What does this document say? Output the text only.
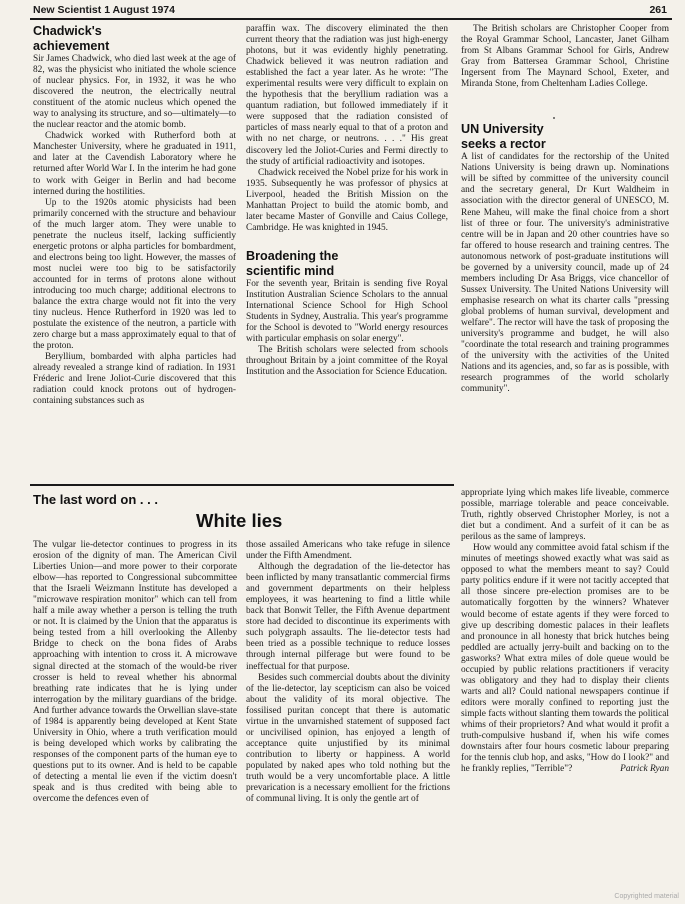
New Scientist 1 August 1974	261
Chadwick's
achievement

Sir James Chadwick, who died last week at the age of 82, was the physicist who initiated the whole science of nuclear physics. For, in 1932, it was he who discovered the neutron, the electrically neutral constituent of the atomic nucleus which opened the way to analysing its structure, and so—ultimately—to the nuclear reactor and the atomic bomb.

Chadwick worked with Rutherford both at Manchester University, where he graduated in 1911, and later at the Cavendish Laboratory where he returned after World War I. In the interim he had gone to work with Geiger in Berlin and had become interned during the hostilities.

Up to the 1920s atomic physicists had been primarily concerned with the structure and behaviour of the much larger atom. They were unable to penetrate the nucleus itself, lacking sufficiently energetic protons or alpha particles for bombardment, and electrons being too light. However, the masses of most nuclei were too big to be satisfactorily accounted for in terms of protons alone without introducing too much charge; additional electrons to balance the extra charge would not fit into the very tiny nucleus. Hence Rutherford in 1920 was led to postulate the existence of the neutron, a particle with zero charge but a mass approximately equal to that of the proton.

Beryllium, bombarded with alpha particles had already revealed a strange kind of radiation. In 1931 Fréderic and Irene Joliot-Curie discovered that this radiation could knock protons out of hydrogen-containing substances such as

paraffin wax. The discovery eliminated the then current theory that the radiation was just high-energy photons, but it was evidently highly penetrating. Chadwick believed it was neutron radiation and established the fact a year later. As he wrote: "The experimental results were very difficult to explain on the hypothesis that the beryllium radiation was a quantum radiation, but followed immediately if it were supposed that the radiation consisted of particles of mass nearly equal to that of a proton and with no net charge, or neutrons. . . ." His great discovery led the Joliot-Curies and Fermi directly to the study of artificial radioactivity and isotopes.

Chadwick received the Nobel prize for his work in 1935. Subsequently he was professor of physics at Liverpool, headed the British Mission on the Manhattan Project to build the atomic bomb, and later became Master of Gonville and Caius College, Cambridge. He was knighted in 1945.

Broadening the
scientific mind

For the seventh year, Britain is sending five Royal Institution Australian Science Scholars to the annual International Science School for High School Students in Sydney, Australia. This year's programme for the School is devoted to "World energy resources with particular emphasis on solar energy".

The British scholars were selected from schools throughout Britain by a joint committee of the Royal Institution and the Association for Science Education.

The British scholars are Christopher Cooper from the Royal Grammar School, Lancaster, Janet Gilham from St Albans Grammar School for Girls, Andrew Gray from Battersea Grammar School, Christine Ingersent from The Maynard School, Exeter, and Miranda Stone, from Cheltenham Ladies College.

UN University
seeks a rector

A list of candidates for the rectorship of the United Nations University is being drawn up. Nominations will be sifted by committee of the university council and the secretary general, Dr Kurt Waldheim in association with the director general of UNESCO, M. Rene Maheu, will make the final choice from a short list of three or four. The university's administrative centre will be in Japan and 20 other countries have so far offered to house research and training centres. The autonomous network of post-graduate institutions will be governed by a university council, made up of 24 members including Dr Asa Briggs, vice chancellor of Sussex University. The United Nations University will emphasise research on what its charter calls "pressing global problems of human survival, development and welfare". The rector will have the task of proposing the university's programme and budget, he will also "coordinate the total research and training programmes of the university with the activities of the United Nations and its agencies, and, so far as is possible, with research programmes of the world scholarly community".

The last word on . . .
White lies

The vulgar lie-detector continues to progress in its erosion of the dignity of man. The American Civil Liberties Union—and more power to their corporate elbow—has reported to Congressional subcommittee that the Israeli Weizmann Institute has developed a "microwave respiration monitor" which can tell from half a mile away whether a person is telling the truth or not. It is claimed by the Union that the apparatus is being tested from a hill overlooking the Allenby Bridge to check on the bona fides of Arabs approaching with intention to cross it. A microwave signal directed at the stomach of the would-be river crosser is held to reveal whether his abnormal breathing rate indicates that he is lying under interrogation by the military guardians of the bridge. And further advance towards the Orwellian slave-state of 1984 is apparently being developed at Kent State University in Ohio, where a truth verification mould is being developed which works by calibrating the responses of the component parts of the human eye to questions put to its owner. And is held to be capable of detecting a mental lie even if the victim doesn't speak and is thus credited with being able to overcome the defences even of

those assailed Americans who take refuge in silence under the Fifth Amendment.

Although the degradation of the lie-detector has been inflicted by many transatlantic commercial firms and government departments on their helpless employees, it was heartening to find a little while back that Bonwit Teller, the Fifth Avenue department store had decided to discontinue its experiments with such polygraph assaults. The lie-detector tests had been tried as a possible technique to reduce losses through internal pilferage but were found to be ineffectual for that purpose.

Besides such commercial doubts about the divinity of the lie-detector, lay scepticism can also be voiced about the validity of its moral objective. The fossilised puritan concept that there is automatic virtue in the unvarnished statement of supposed fact or uncivilised opinion, has enjoyed a length of acceptance quite unjustified by its minimal contribution to liberty or happiness. A world populated by naked apes who told nothing but the truth would be a very uncomfortable place. A little prevarication is a necessary emollient for the frictions of communal living. It is only the gentle art of

appropriate lying which makes life liveable, commerce possible, marriage tolerable and peace conceivable. Truth, rightly observed Christopher Morley, is not a diet but a condiment. And a surfeit of it can be as perilous as the same of lampreys.

How would any committee avoid fatal schism if the minutes of meetings showed exactly what was said as opposed to what the members meant to say? Could party politics endure if it were not tacitly accepted that all those sincere pre-election promises are to be automatically forgotten by the winners? Whatever would become of estate agents if they were forced to give up describing domestic palaces in their leaflets and pronounce in all honesty that brick hutches being peddled are actually jerry-built and backing on to the gasworks? What extra miles of dole queue would be occupied by public relations practitioners if veracity was obligatory and they had to display their clients warts and all? Could national newspapers continue if editors were morally confined to reporting just the simple facts without slanting them towards the political whims of their proprietors? And what would it profit a truth-compulsive husband if, when his wife comes downstairs after four hours cosmetic labour preparing for the tennis club hop, and asks, "How do I look?" and he frankly replies, "Terrible"?	Patrick Ryan
Copyrighted material
